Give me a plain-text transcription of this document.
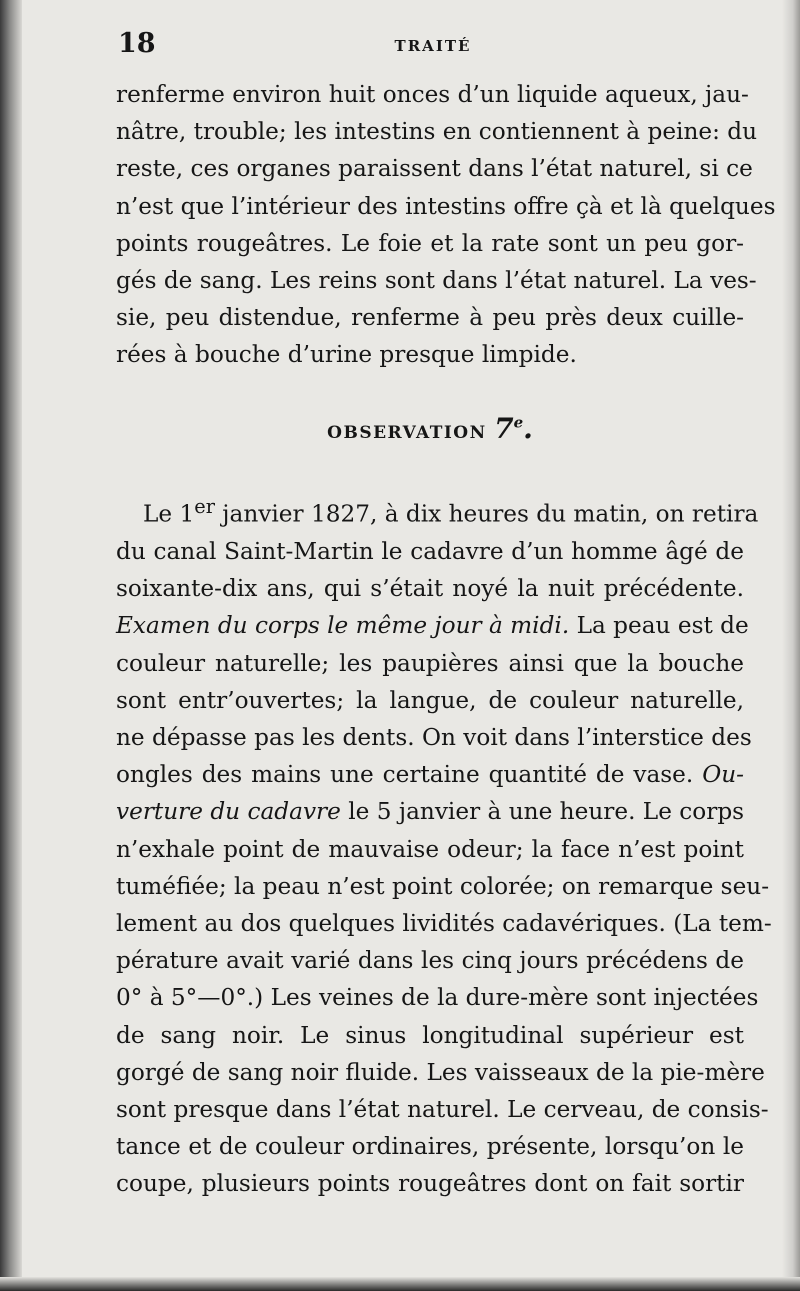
18	TRAITÉ
renferme environ huit onces d’un liquide aqueux, jau-
nâtre, trouble; les intestins en contiennent à peine: du
reste, ces organes paraissent dans l’état naturel, si ce
n’est que l’intérieur des intestins offre çà et là quelques
points rougeâtres. Le foie et la rate sont un peu gor-
gés de sang. Les reins sont dans l’état naturel. La ves-
sie, peu distendue, renferme à peu près deux cuille-
rées à bouche d’urine presque limpide.
OBSERVATION 7e.
Le 1er janvier 1827, à dix heures du matin, on retira
du canal Saint-Martin le cadavre d’un homme âgé de
soixante-dix ans, qui s’était noyé la nuit précédente.
Examen du corps le même jour à midi. La peau est de
couleur naturelle; les paupières ainsi que la bouche
sont entr’ouvertes; la langue, de couleur naturelle,
ne dépasse pas les dents. On voit dans l’interstice des
ongles des mains une certaine quantité de vase. Ou-
verture du cadavre le 5 janvier à une heure. Le corps
n’exhale point de mauvaise odeur; la face n’est point
tuméfiée; la peau n’est point colorée; on remarque seu-
lement au dos quelques lividités cadavériques. (La tem-
pérature avait varié dans les cinq jours précédens de
0° à 5°—0°.) Les veines de la dure-mère sont injectées
de sang noir. Le sinus longitudinal supérieur est
gorgé de sang noir fluide. Les vaisseaux de la pie-mère
sont presque dans l’état naturel. Le cerveau, de consis-
tance et de couleur ordinaires, présente, lorsqu’on le
coupe, plusieurs points rougeâtres dont on fait sortir
